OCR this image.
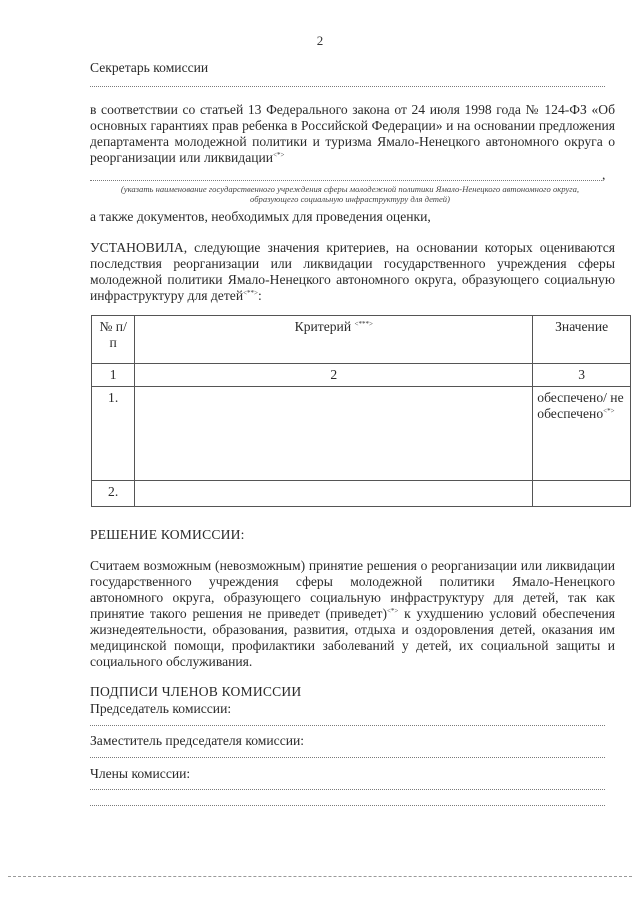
2
Секретарь комиссии
в соответствии со статьей 13 Федерального закона от 24 июля 1998 года № 124-ФЗ «Об основных гарантиях прав ребенка в Российской Федерации» и на основании предложения департамента молодежной политики и туризма Ямало-Ненецкого автономного округа о реорганизации или ликвидации<*>
,
(указать наименование государственного учреждения сферы молодежной политики Ямало-Ненецкого автономного округа, образующего социальную инфраструктуру для детей)
а также документов, необходимых для проведения оценки,
УСТАНОВИЛА, следующие значения критериев, на основании которых оцениваются последствия реорганизации или ликвидации государственного учреждения сферы молодежной политики Ямало-Ненецкого автономного округа, образующего социальную инфраструктуру для детей<**>:
№ п/п	Критерий <***>	Значение
1	2	3
1.		обеспечено/ не обеспечено<*>
2.		
РЕШЕНИЕ КОМИССИИ:
Считаем возможным (невозможным) принятие решения о реорганизации или ликвидации государственного учреждения сферы молодежной политики Ямало-Ненецкого автономного округа, образующего социальную инфраструктуру для детей, так как принятие такого решения не приведет (приведет)<*> к ухудшению условий обеспечения жизнедеятельности, образования, развития, отдыха и оздоровления детей, оказания им медицинской помощи, профилактики заболеваний у детей, их социальной защиты и социального обслуживания.
ПОДПИСИ ЧЛЕНОВ КОМИССИИ
Председатель комиссии:
Заместитель председателя комиссии:
Члены комиссии:
